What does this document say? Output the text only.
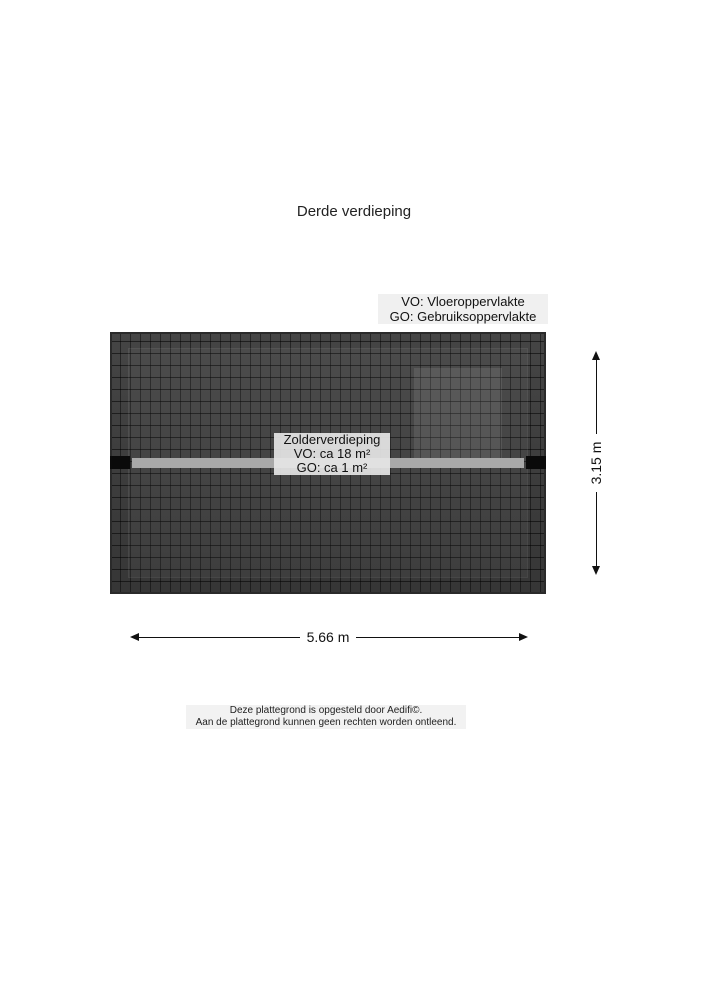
Derde verdieping
VO: Vloeroppervlakte
GO: Gebruiksoppervlakte
Zolderverdieping
VO: ca 18 m²
GO: ca 1 m²
5.66 m
3.15 m
Deze plattegrond is opgesteld door Aedifi©.
Aan de plattegrond kunnen geen rechten worden ontleend.
